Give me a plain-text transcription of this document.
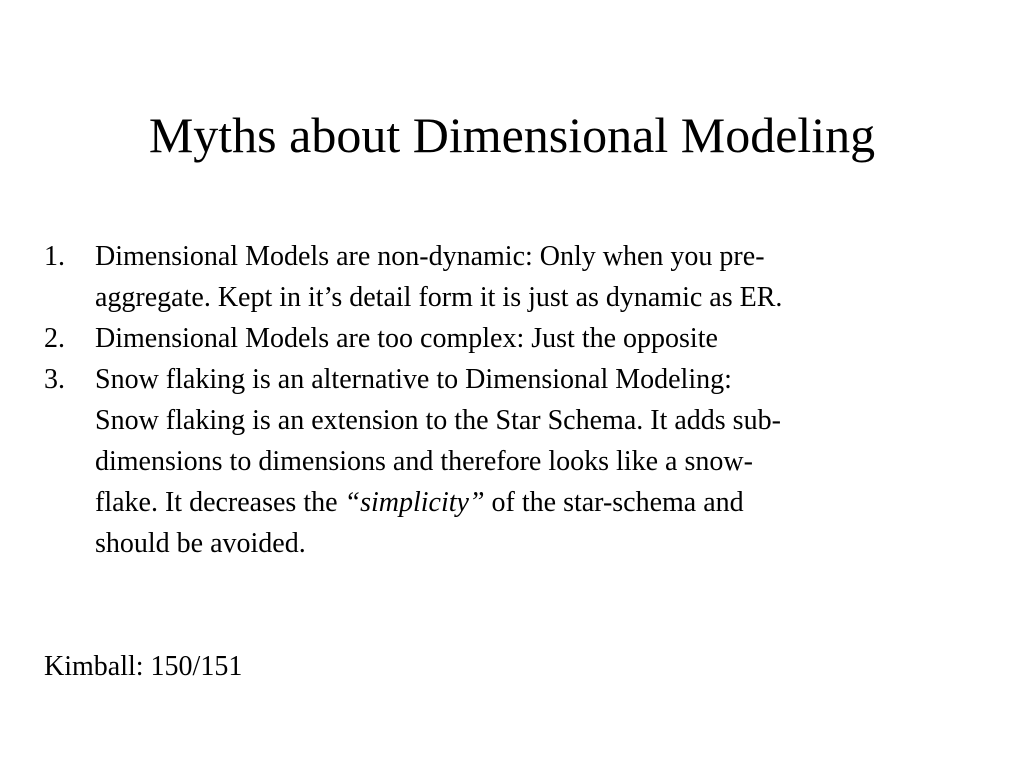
Myths about Dimensional Modeling
1. Dimensional Models are non-dynamic: Only when you pre-
aggregate. Kept in it’s detail form it is just as dynamic as ER.
2. Dimensional Models are too complex: Just the opposite
3. Snow flaking is an alternative to Dimensional Modeling:
Snow flaking is an extension to the Star Schema. It adds sub-
dimensions to dimensions and therefore looks like a snow-
flake. It decreases the “simplicity” of the star-schema and
should be avoided.
Kimball: 150/151
